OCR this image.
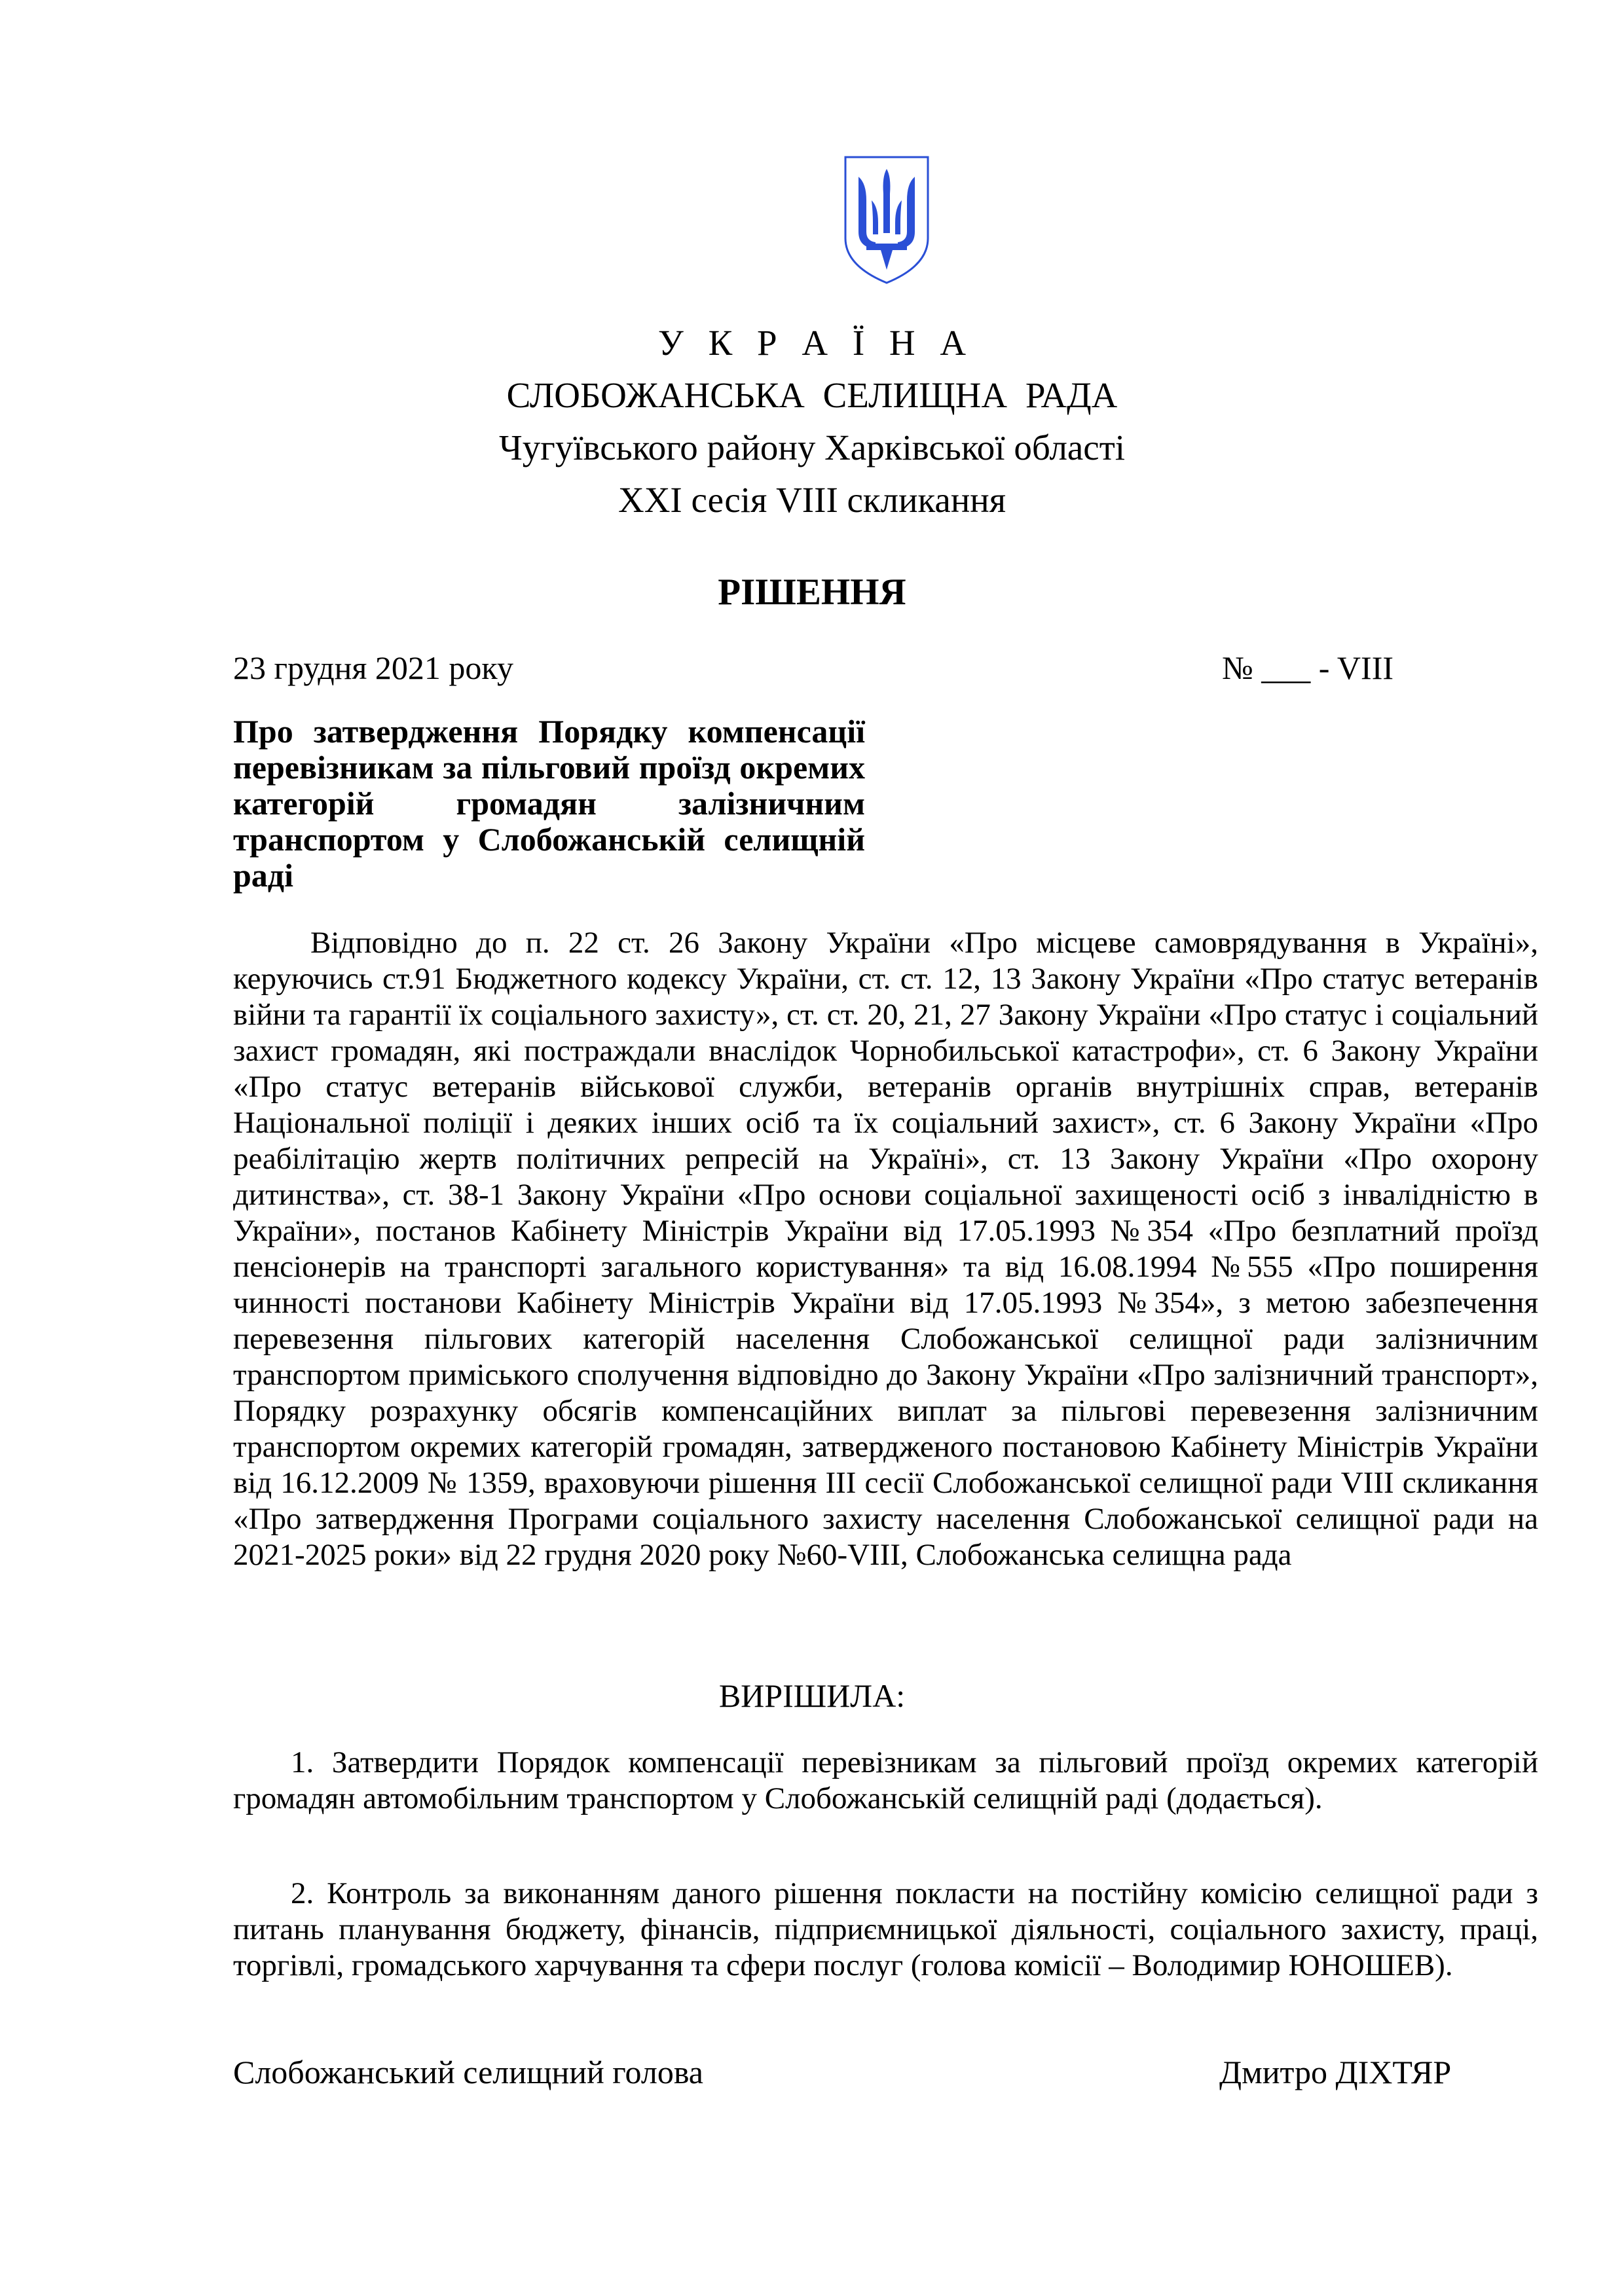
У К Р А Ї Н А
СЛОБОЖАНСЬКА СЕЛИЩНА РАДА
Чугуївського району Харківської області
XXI сесія VIII скликання
РІШЕННЯ
23 грудня 2021 року	№ ___ - VIII
Про затвердження Порядку компенсації перевізникам за пільговий проїзд окремих категорій громадян залізничним транспортом у Слобожанській селищній раді
Відповідно до п. 22 ст. 26 Закону України «Про місцеве самоврядування в Україні», керуючись ст.91 Бюджетного кодексу України, ст. ст. 12, 13 Закону України «Про статус ветеранів війни та гарантії їх соціального захисту», ст. ст. 20, 21, 27 Закону України «Про статус і соціальний захист громадян, які постраждали внаслідок Чорнобильської катастрофи», ст. 6 Закону України «Про статус ветеранів військової служби, ветеранів органів внутрішніх справ, ветеранів Національної поліції і деяких інших осіб та їх соціальний захист», ст. 6 Закону України «Про реабілітацію жертв політичних репресій на Україні», ст. 13 Закону України «Про охорону дитинства», ст. 38-1 Закону України «Про основи соціальної захищеності осіб з інвалідністю в України», постанов Кабінету Міністрів України від 17.05.1993 №354 «Про безплатний проїзд пенсіонерів на транспорті загального користування» та від 16.08.1994 №555 «Про поширення чинності постанови Кабінету Міністрів України від 17.05.1993 №354», з метою забезпечення перевезення пільгових категорій населення Слобожанської селищної ради залізничним транспортом приміського сполучення відповідно до Закону України «Про залізничний транспорт», Порядку розрахунку обсягів компенсаційних виплат за пільгові перевезення залізничним транспортом окремих категорій громадян, затвердженого постановою Кабінету Міністрів України від 16.12.2009 № 1359, враховуючи рішення ІІІ сесії Слобожанської селищної ради VІІІ скликання «Про затвердження Програми соціального захисту населення Слобожанської селищної ради на 2021-2025 роки» від 22 грудня 2020 року №60-VІІІ, Слобожанська селищна рада
ВИРІШИЛА:
1. Затвердити Порядок компенсації перевізникам за пільговий проїзд окремих категорій громадян автомобільним транспортом у Слобожанській селищній раді (додається).
2. Контроль за виконанням даного рішення покласти на постійну комісію селищної ради з питань планування бюджету, фінансів, підприємницької діяльності, соціального захисту, праці, торгівлі, громадського харчування та сфери послуг (голова комісії – Володимир ЮНОШЕВ).
Слобожанський селищний голова	Дмитро ДІХТЯР
